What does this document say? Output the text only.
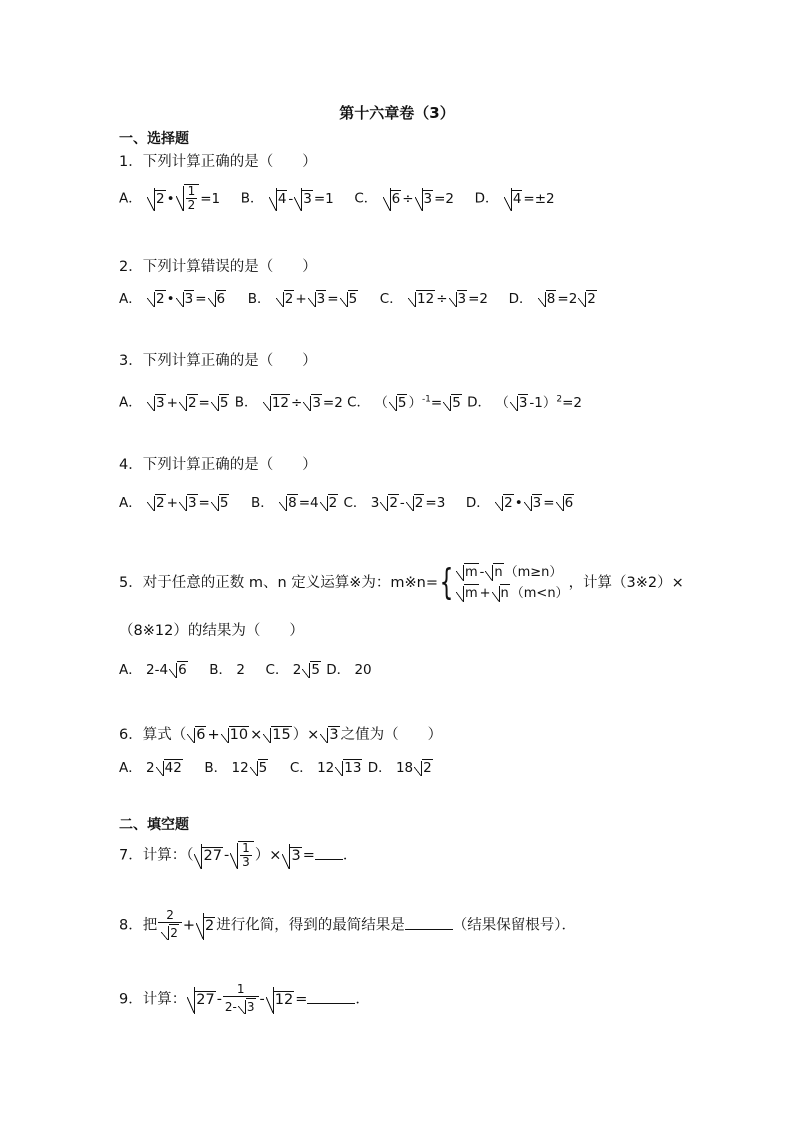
第十六章卷（3）
一、选择题
1．下列计算正确的是（　　）
A． 2 • $\frac{1}{2} =1$ B． 4 - 3 =1 C． 6 ÷ 3 =2 D． 4 =±2
2．下列计算错误的是（　　）
A． 2 • 3 = 6 B． 2 + 3 = 5 C． 12 ÷ 3 =2 D． 8 =2 2
3．下列计算正确的是（　　）
A． 3 + 2 = 5 B． 12 ÷ 3 =2 C． （ 5 ）$^{-1}$= 5 D． （ 3 -1）$^2$=2
4．下列计算正确的是（　　）
A． 2 + 3 = 5 B． 8 =4 2 C． 3 2 - 2 =3 D． 2 • 3 = 6
5．对于任意的正数 m、n 定义运算※为：m※n={ m - n （m≥n）
m + n （m<n）
，计算（3※2）×
（8※12）的结果为（　　）
A． 2-4 6 B． 2 C． 2 5 D． 20
6．算式（ 6 + 10 × 15 ）× 3 之值为（　　）
A． 2 42 B． 12 5 C． 12 13 D． 18 2
二、填空题
7．计算：（ $27 - \frac{1}{3}$ ）× 3 = ．
8．把 $\frac{2}{2} + 2$ 进行化简，得到的最简结果是	（结果保留根号）．
9．计算： $27 - \frac{1}{2- 3} - 12$ =	．
